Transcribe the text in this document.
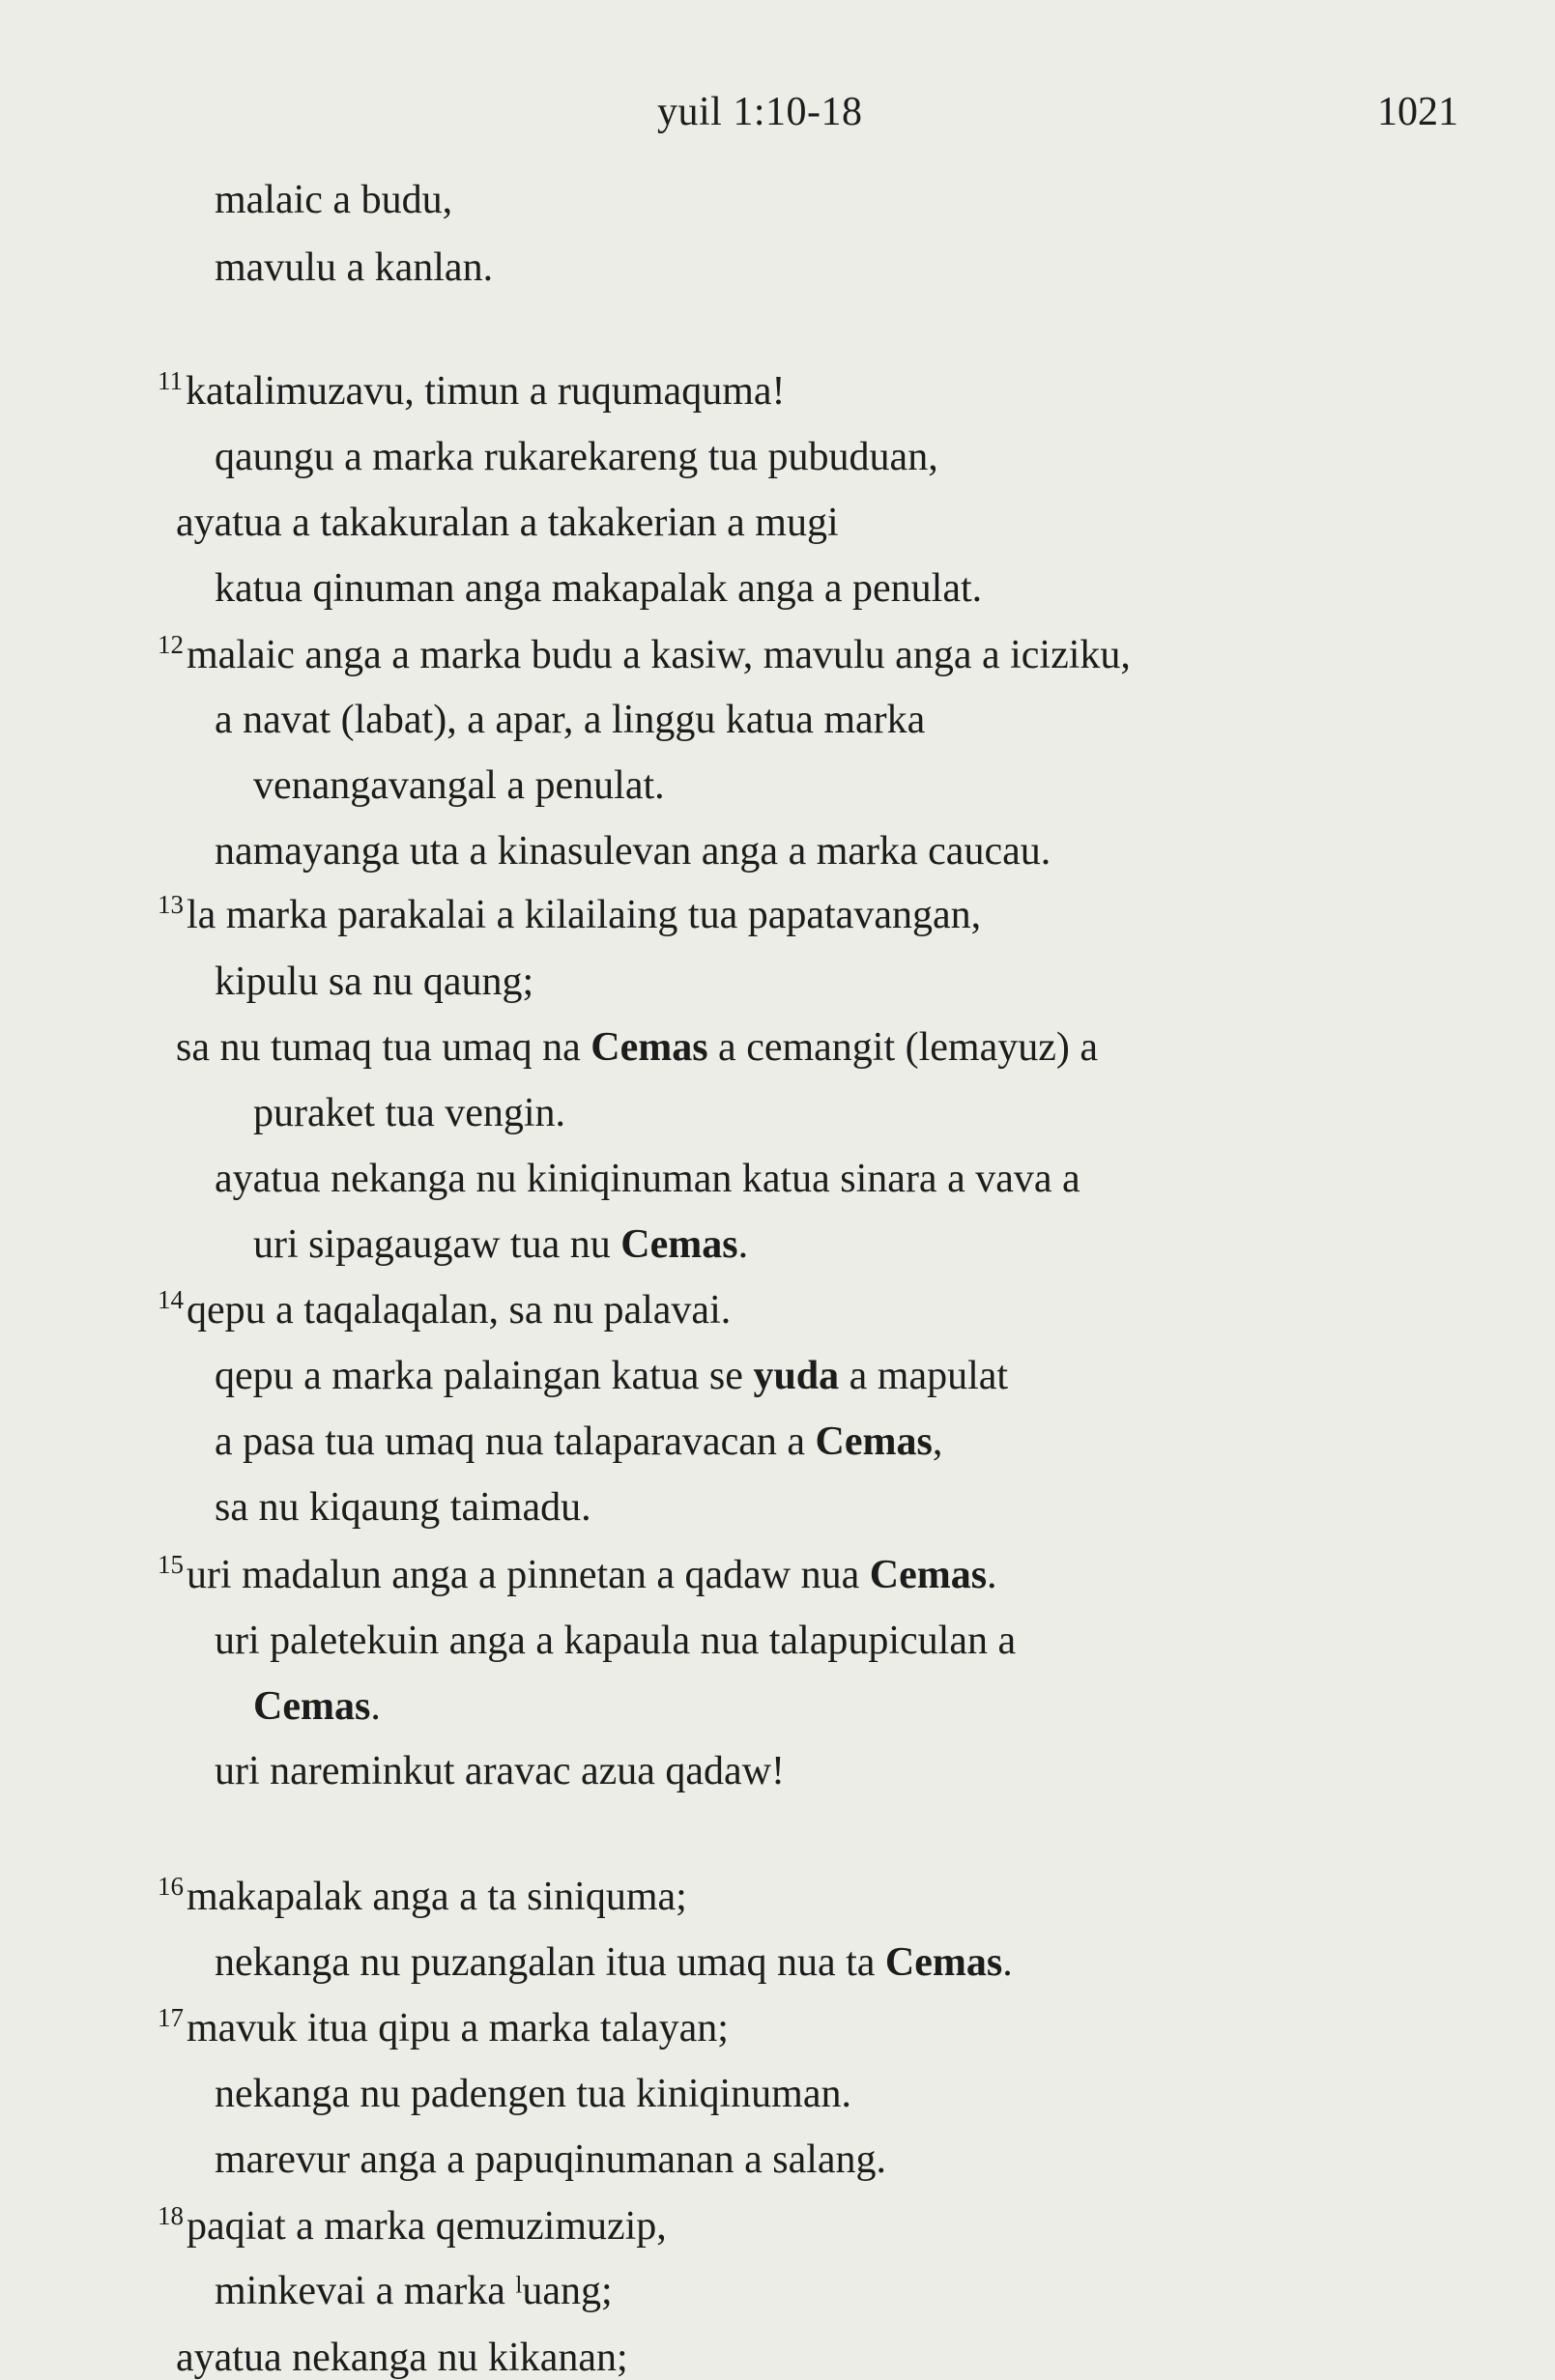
yuil 1:10-18	1021
malaic a budu,
mavulu a kanlan.
$^{11}$katalimuzavu, timun a ruqumaquma!
qaungu a marka rukarekareng tua pubuduan,
ayatua a takakuralan a takakerian a mugi
katua qinuman anga makapalak anga a penulat.
$^{12}$malaic anga a marka budu a kasiw, mavulu anga a iciziku,
a navat (labat), a apar, a linggu katua marka
venangavangal a penulat.
namayanga uta a kinasulevan anga a marka caucau.
$^{13}$la marka parakalai a kilailaing tua papatavangan,
kipulu sa nu qaung;
sa nu tumaq tua umaq na Cemas a cemangit (lemayuz) a
puraket tua vengin.
ayatua nekanga nu kiniqinuman katua sinara a vava a
uri sipagaugaw tua nu Cemas.
$^{14}$qepu a taqalaqalan, sa nu palavai.
qepu a marka palaingan katua se yuda a mapulat
a pasa tua umaq nua talaparavacan a Cemas,
sa nu kiqaung taimadu.
$^{15}$uri madalun anga a pinnetan a qadaw nua Cemas.
uri paletekuin anga a kapaula nua talapupiculan a
Cemas.
uri nareminkut aravac azua qadaw!
$^{16}$makapalak anga a ta siniquma;
nekanga nu puzangalan itua umaq nua ta Cemas.
$^{17}$mavuk itua qipu a marka talayan;
nekanga nu padengen tua kiniqinuman.
marevur anga a papuqinumanan a salang.
$^{18}$paqiat a marka qemuzimuzip,
minkevai a marka ˡuang;
ayatua nekanga nu kikanan;
